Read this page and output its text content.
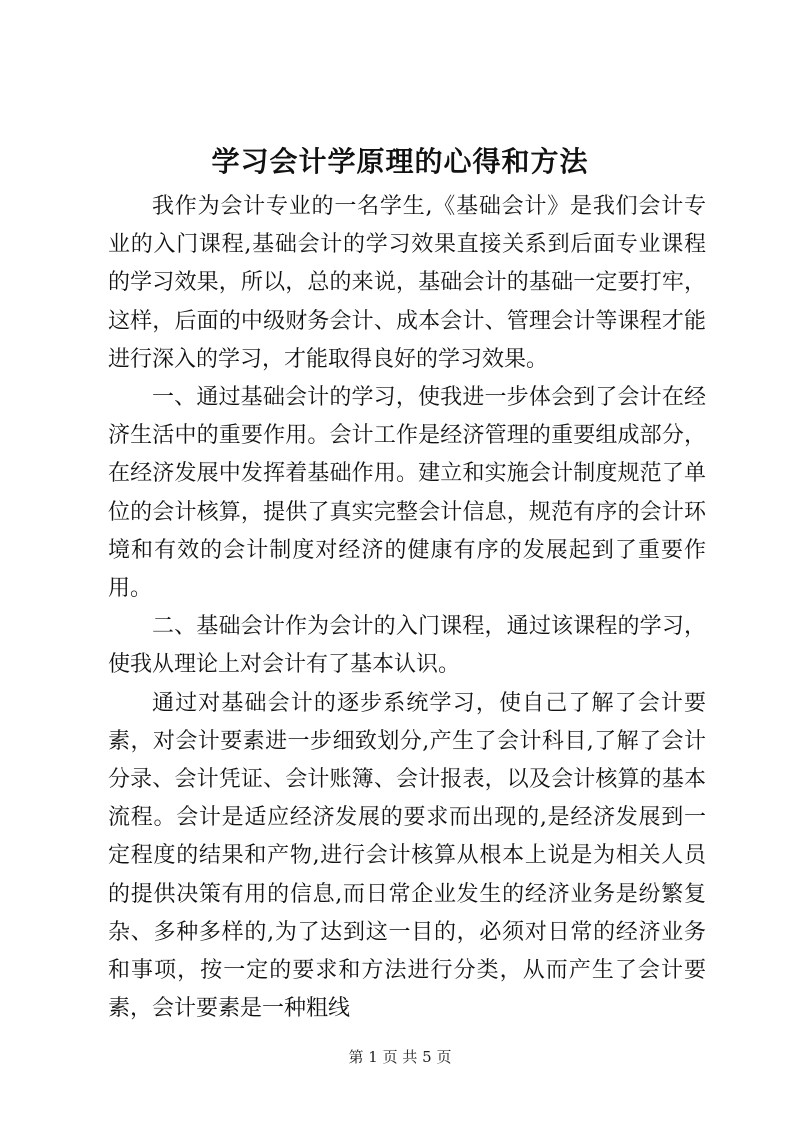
学习会计学原理的心得和方法

我作为会计专业的一名学生,《基础会计》是我们会计专业的入门课程,基础会计的学习效果直接关系到后面专业课程的学习效果，所以，总的来说，基础会计的基础一定要打牢，这样，后面的中级财务会计、成本会计、管理会计等课程才能进行深入的学习，才能取得良好的学习效果。

一、通过基础会计的学习，使我进一步体会到了会计在经济生活中的重要作用。会计工作是经济管理的重要组成部分，在经济发展中发挥着基础作用。建立和实施会计制度规范了单位的会计核算，提供了真实完整会计信息，规范有序的会计环境和有效的会计制度对经济的健康有序的发展起到了重要作用。

二、基础会计作为会计的入门课程，通过该课程的学习，使我从理论上对会计有了基本认识。

通过对基础会计的逐步系统学习，使自己了解了会计要素，对会计要素进一步细致划分,产生了会计科目,了解了会计分录、会计凭证、会计账簿、会计报表，以及会计核算的基本流程。会计是适应经济发展的要求而出现的,是经济发展到一定程度的结果和产物,进行会计核算从根本上说是为相关人员的提供决策有用的信息,而日常企业发生的经济业务是纷繁复杂、多种多样的,为了达到这一目的，必须对日常的经济业务和事项，按一定的要求和方法进行分类，从而产生了会计要素，会计要素是一种粗线

第 1 页 共 5 页
